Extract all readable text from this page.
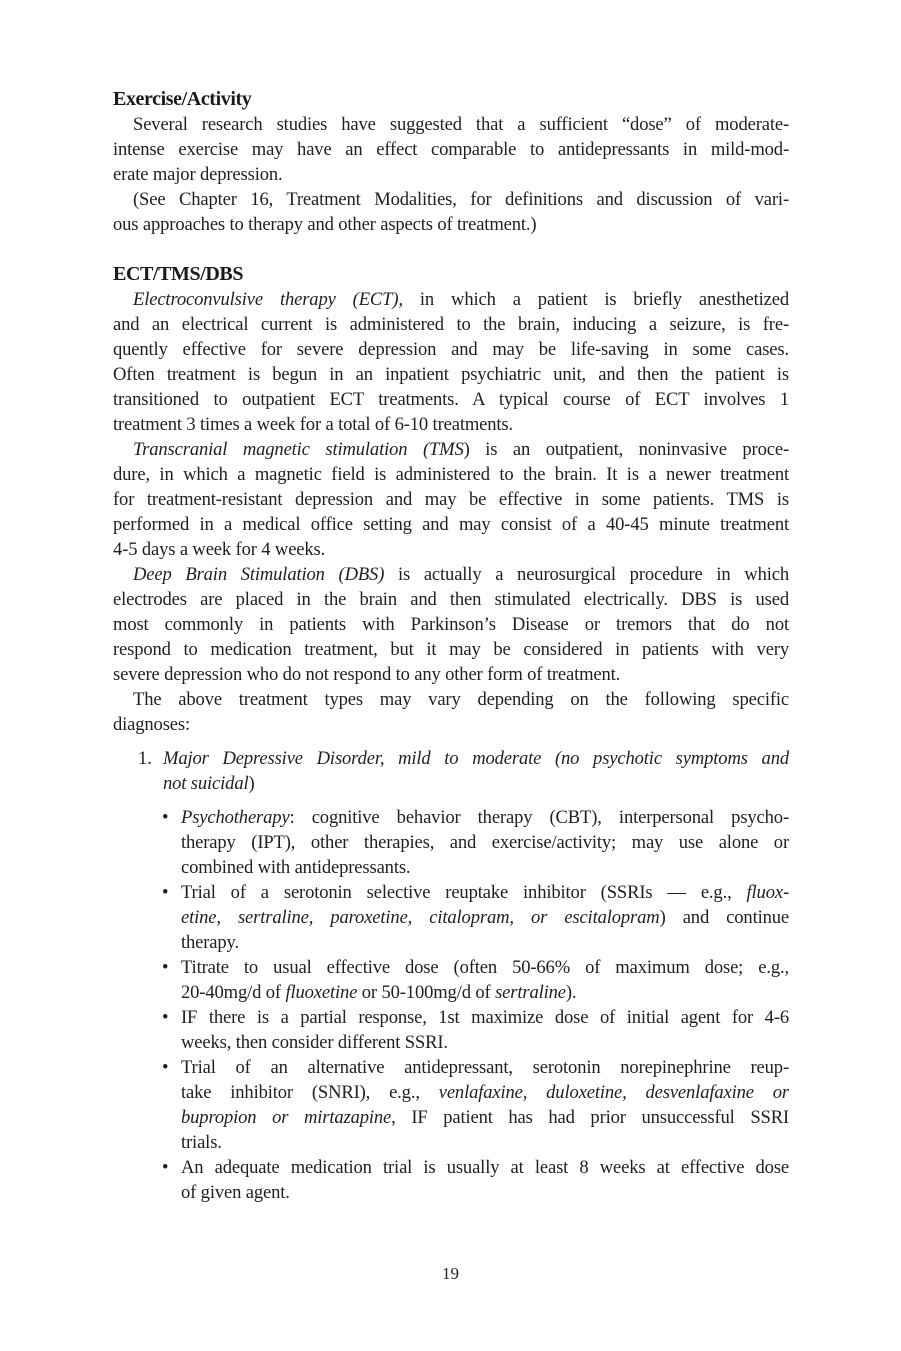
Exercise/Activity
Several research studies have suggested that a sufficient “dose” of moderate-
intense exercise may have an effect comparable to antidepressants in mild-mod-
erate major depression.
(See Chapter 16, Treatment Modalities, for definitions and discussion of vari-
ous approaches to therapy and other aspects of treatment.)
ECT/TMS/DBS
Electroconvulsive therapy (ECT), in which a patient is briefly anesthetized
and an electrical current is administered to the brain, inducing a seizure, is fre-
quently effective for severe depression and may be life-saving in some cases.
Often treatment is begun in an inpatient psychiatric unit, and then the patient is
transitioned to outpatient ECT treatments. A typical course of ECT involves 1
treatment 3 times a week for a total of 6-10 treatments.
Transcranial magnetic stimulation (TMS) is an outpatient, noninvasive proce-
dure, in which a magnetic field is administered to the brain. It is a newer treatment
for treatment-resistant depression and may be effective in some patients. TMS is
performed in a medical office setting and may consist of a 40-45 minute treatment
4-5 days a week for 4 weeks.
Deep Brain Stimulation (DBS) is actually a neurosurgical procedure in which
electrodes are placed in the brain and then stimulated electrically. DBS is used
most commonly in patients with Parkinson’s Disease or tremors that do not
respond to medication treatment, but it may be considered in patients with very
severe depression who do not respond to any other form of treatment.
The above treatment types may vary depending on the following specific
diagnoses:
1. Major Depressive Disorder, mild to moderate (no psychotic symptoms and
not suicidal)
• Psychotherapy: cognitive behavior therapy (CBT), interpersonal psycho-
therapy (IPT), other therapies, and exercise/activity; may use alone or
combined with antidepressants.
• Trial of a serotonin selective reuptake inhibitor (SSRIs — e.g., fluox-
etine, sertraline, paroxetine, citalopram, or escitalopram) and continue
therapy.
• Titrate to usual effective dose (often 50-66% of maximum dose; e.g.,
20-40mg/d of fluoxetine or 50-100mg/d of sertraline).
• IF there is a partial response, 1st maximize dose of initial agent for 4-6
weeks, then consider different SSRI.
• Trial of an alternative antidepressant, serotonin norepinephrine reup-
take inhibitor (SNRI), e.g., venlafaxine, duloxetine, desvenlafaxine or
bupropion or mirtazapine, IF patient has had prior unsuccessful SSRI
trials.
• An adequate medication trial is usually at least 8 weeks at effective dose
of given agent.
19
